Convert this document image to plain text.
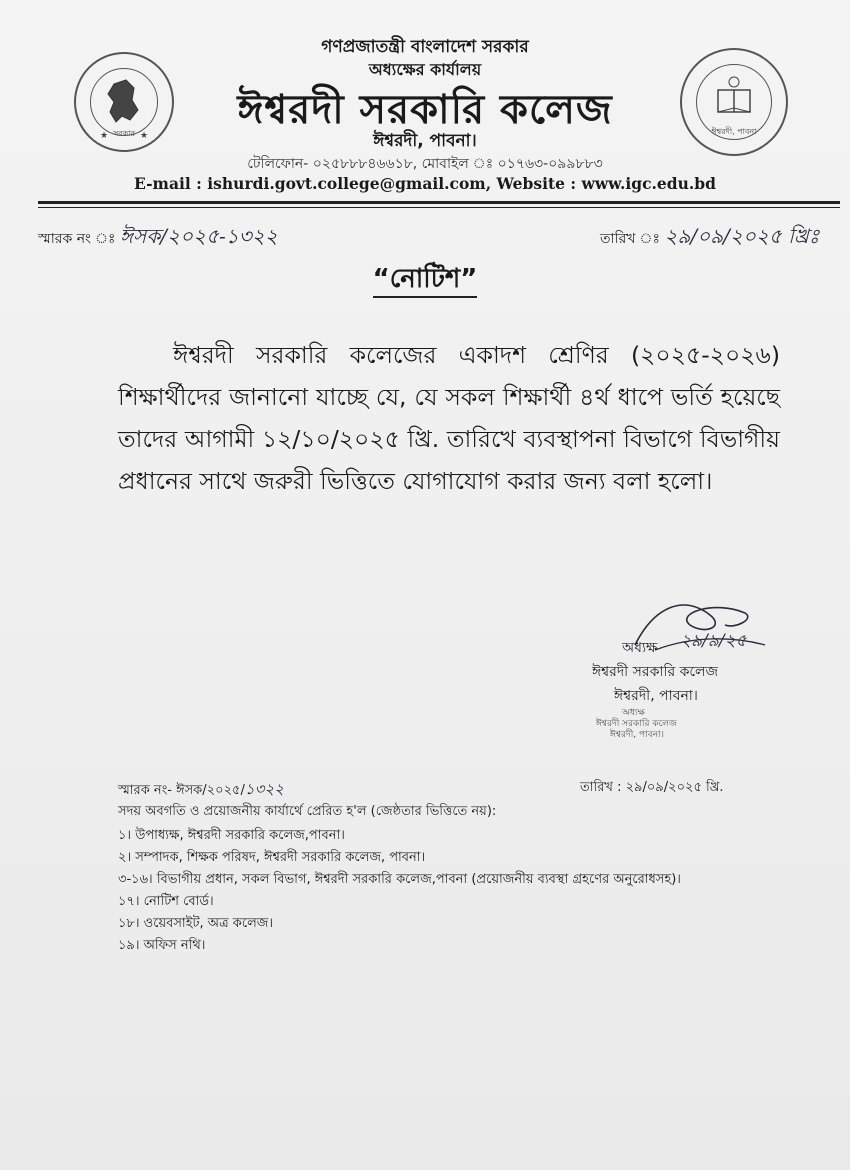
★	★
সরকার	ঈশ্বরদী, পাবনা
গণপ্রজাতন্ত্রী বাংলাদেশ সরকার
অধ্যক্ষের কার্যালয়
ঈশ্বরদী সরকারি কলেজ
ঈশ্বরদী, পাবনা।
টেলিফোন- ০২৫৮৮৮৪৬৬১৮, মোবাইল ঃ ০১৭৬৩-০৯৯৮৮৩
E-mail : ishurdi.govt.college@gmail.com, Website : www.igc.edu.bd
স্মারক নং ঃ ঈসক/২০২৫-১৩২২	তারিখ ঃ ২৯/০৯/২০২৫ খ্রিঃ
“নোটিশ”
ঈশ্বরদী সরকারি কলেজের একাদশ শ্রেণির (২০২৫-২০২৬) শিক্ষার্থীদের জানানো যাচ্ছে যে, যে সকল শিক্ষার্থী ৪র্থ ধাপে ভর্তি হয়েছে তাদের আগামী ১২/১০/২০২৫ খ্রি. তারিখে ব্যবস্থাপনা বিভাগে বিভাগীয় প্রধানের সাথে জরুরী ভিত্তিতে যোগাযোগ করার জন্য বলা হলো।
অধ্যক্ষ ২৯/৯/২৫
ঈশ্বরদী সরকারি কলেজ
ঈশ্বরদী, পাবনা।
অধ্যক্ষ
ঈশ্বরদী সরকারি কলেজ
ঈশ্বরদী, পাবনা।
স্মারক নং- ঈসক/২০২৫/১৩২২	তারিখ : ২৯/০৯/২০২৫ খ্রি.
সদয় অবগতি ও প্রয়োজনীয় কার্যার্থে প্রেরিত হ'ল (জেষ্ঠতার ভিত্তিতে নয়):
১। উপাধ্যক্ষ, ঈশ্বরদী সরকারি কলেজ,পাবনা।
২। সম্পাদক, শিক্ষক পরিষদ, ঈশ্বরদী সরকারি কলেজ, পাবনা।
৩-১৬। বিভাগীয় প্রধান, সকল বিভাগ, ঈশ্বরদী সরকারি কলেজ,পাবনা (প্রয়োজনীয় ব্যবস্থা গ্রহণের অনুরোধসহ)।
১৭। নোটিশ বোর্ড।
১৮। ওয়েবসাইট, অত্র কলেজ।
১৯। অফিস নথি।
